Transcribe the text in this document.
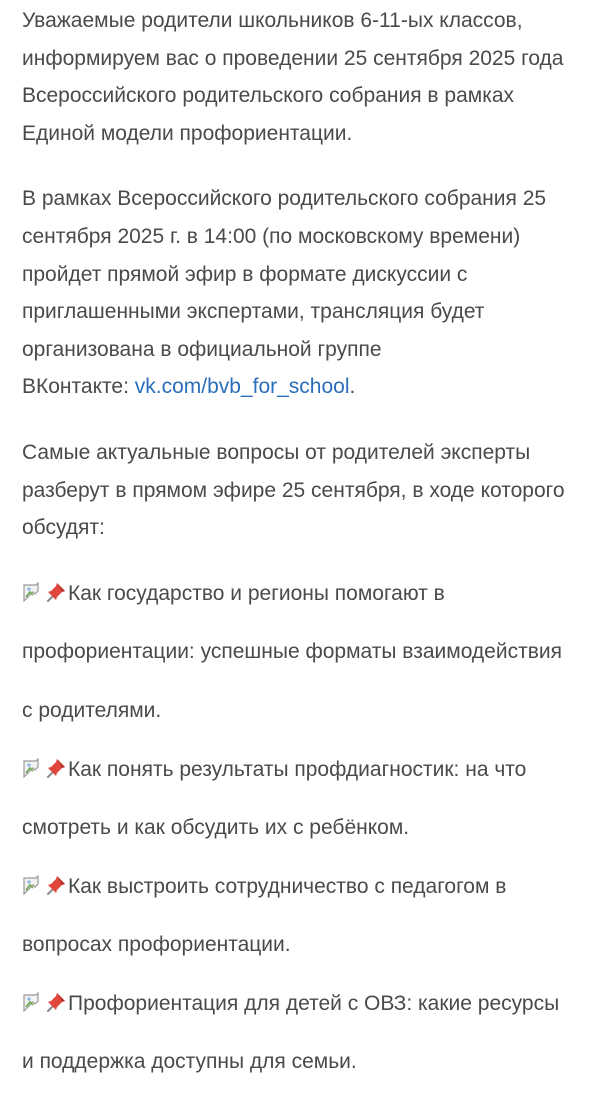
Уважаемые родители школьников 6-11-ых классов,

информируем вас о проведении 25 сентября 2025 года

Всероссийского родительского собрания в рамках

Единой модели профориентации.

В рамках Всероссийского родительского собрания 25

сентября 2025 г. в 14:00 (по московскому времени)

пройдет прямой эфир в формате дискуссии с

приглашенными экспертами, трансляция будет

организована в официальной группе

ВКонтакте: vk.com/bvb_for_school.

Самые актуальные вопросы от родителей эксперты

разберут в прямом эфире 25 сентября, в ходе которого

обсудят:

Как государство и регионы помогают в

профориентации: успешные форматы взаимодействия

с родителями.

Как понять результаты профдиагностик: на что

смотреть и как обсудить их с ребёнком.

Как выстроить сотрудничество с педагогом в

вопросах профориентации.

Профориентация для детей с ОВЗ: какие ресурсы

и поддержка доступны для семьи.
